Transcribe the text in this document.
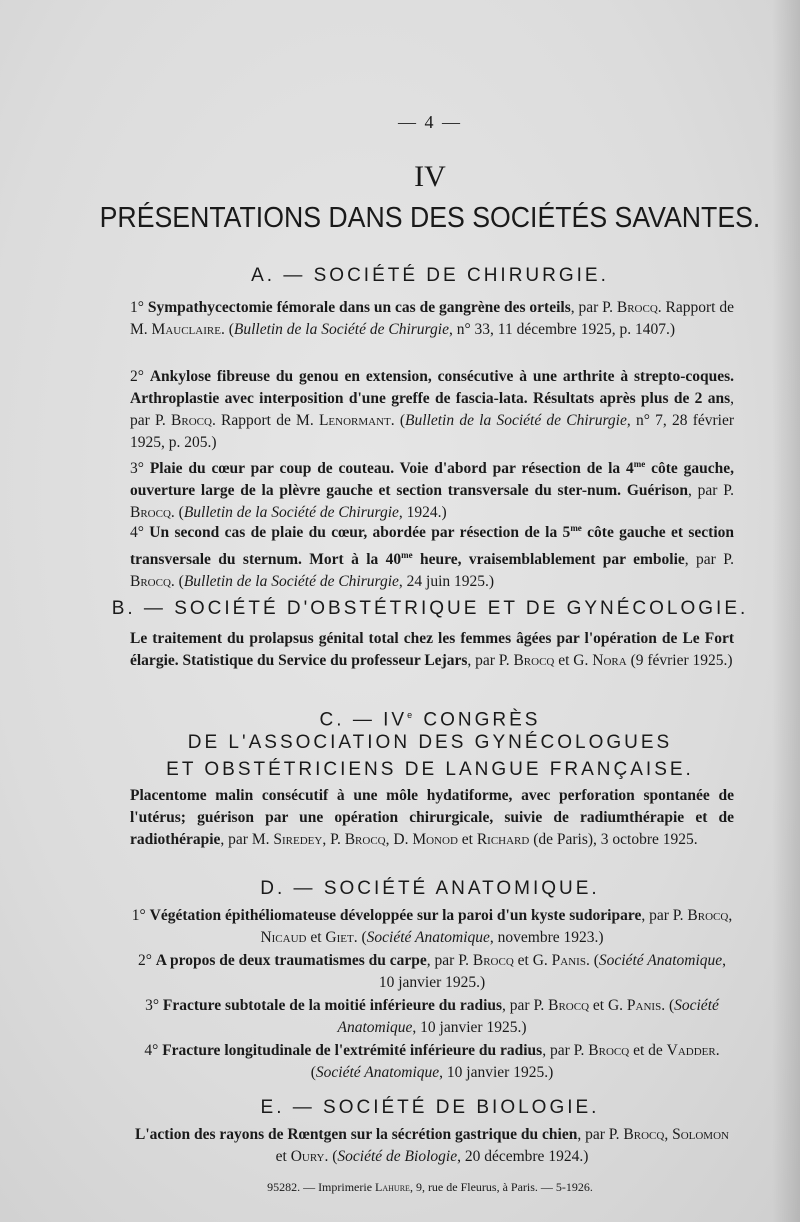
— 4 —
IV
PRÉSENTATIONS DANS DES SOCIÉTÉS SAVANTES.
A. — SOCIÉTÉ DE CHIRURGIE.
1° Sympathycectomie fémorale dans un cas de gangrène des orteils, par P. Brocq. Rapport de M. Mauclaire. (Bulletin de la Société de Chirurgie, n° 33, 11 décembre 1925, p. 1407.)
2° Ankylose fibreuse du genou en extension, consécutive à une arthrite à strepto-coques. Arthroplastie avec interposition d'une greffe de fascia-lata. Résultats après plus de 2 ans, par P. Brocq. Rapport de M. Lenormant. (Bulletin de la Société de Chirurgie, n° 7, 28 février 1925, p. 205.)
3° Plaie du cœur par coup de couteau. Voie d'abord par résection de la $4^{me}$ côte gauche, ouverture large de la plèvre gauche et section transversale du ster-num. Guérison, par P. Brocq. (Bulletin de la Société de Chirurgie, 1924.)
4° Un second cas de plaie du cœur, abordée par résection de la $5^{me}$ côte gauche et section transversale du sternum. Mort à la $40^{me}$ heure, vraisemblablement par embolie, par P. Brocq. (Bulletin de la Société de Chirurgie, 24 juin 1925.)
B. — SOCIÉTÉ D'OBSTÉTRIQUE ET DE GYNÉCOLOGIE.
Le traitement du prolapsus génital total chez les femmes âgées par l'opération de Le Fort élargie. Statistique du Service du professeur Lejars, par P. Brocq et G. Nora (9 février 1925.)
C. — IVe CONGRÈS
DE L'ASSOCIATION DES GYNÉCOLOGUES
ET OBSTÉTRICIENS DE LANGUE FRANÇAISE.
Placentome malin consécutif à une môle hydatiforme, avec perforation spontanée de l'utérus; guérison par une opération chirurgicale, suivie de radiumthérapie et de radiothérapie, par M. Siredey, P. Brocq, D. Monod et Richard (de Paris), 3 octobre 1925.
D. — SOCIÉTÉ ANATOMIQUE.
1° Végétation épithéliomateuse développée sur la paroi d'un kyste sudoripare, par P. Brocq, Nicaud et Giet. (Société Anatomique, novembre 1923.)
2° A propos de deux traumatismes du carpe, par P. Brocq et G. Panis. (Société Anatomique, 10 janvier 1925.)
3° Fracture subtotale de la moitié inférieure du radius, par P. Brocq et G. Panis. (Société Anatomique, 10 janvier 1925.)
4° Fracture longitudinale de l'extrémité inférieure du radius, par P. Brocq et de Vadder. (Société Anatomique, 10 janvier 1925.)
E. — SOCIÉTÉ DE BIOLOGIE.
L'action des rayons de Rœntgen sur la sécrétion gastrique du chien, par P. Brocq, Solomon et Oury. (Société de Biologie, 20 décembre 1924.)
95282. — Imprimerie Lahure, 9, rue de Fleurus, à Paris. — 5-1926.
